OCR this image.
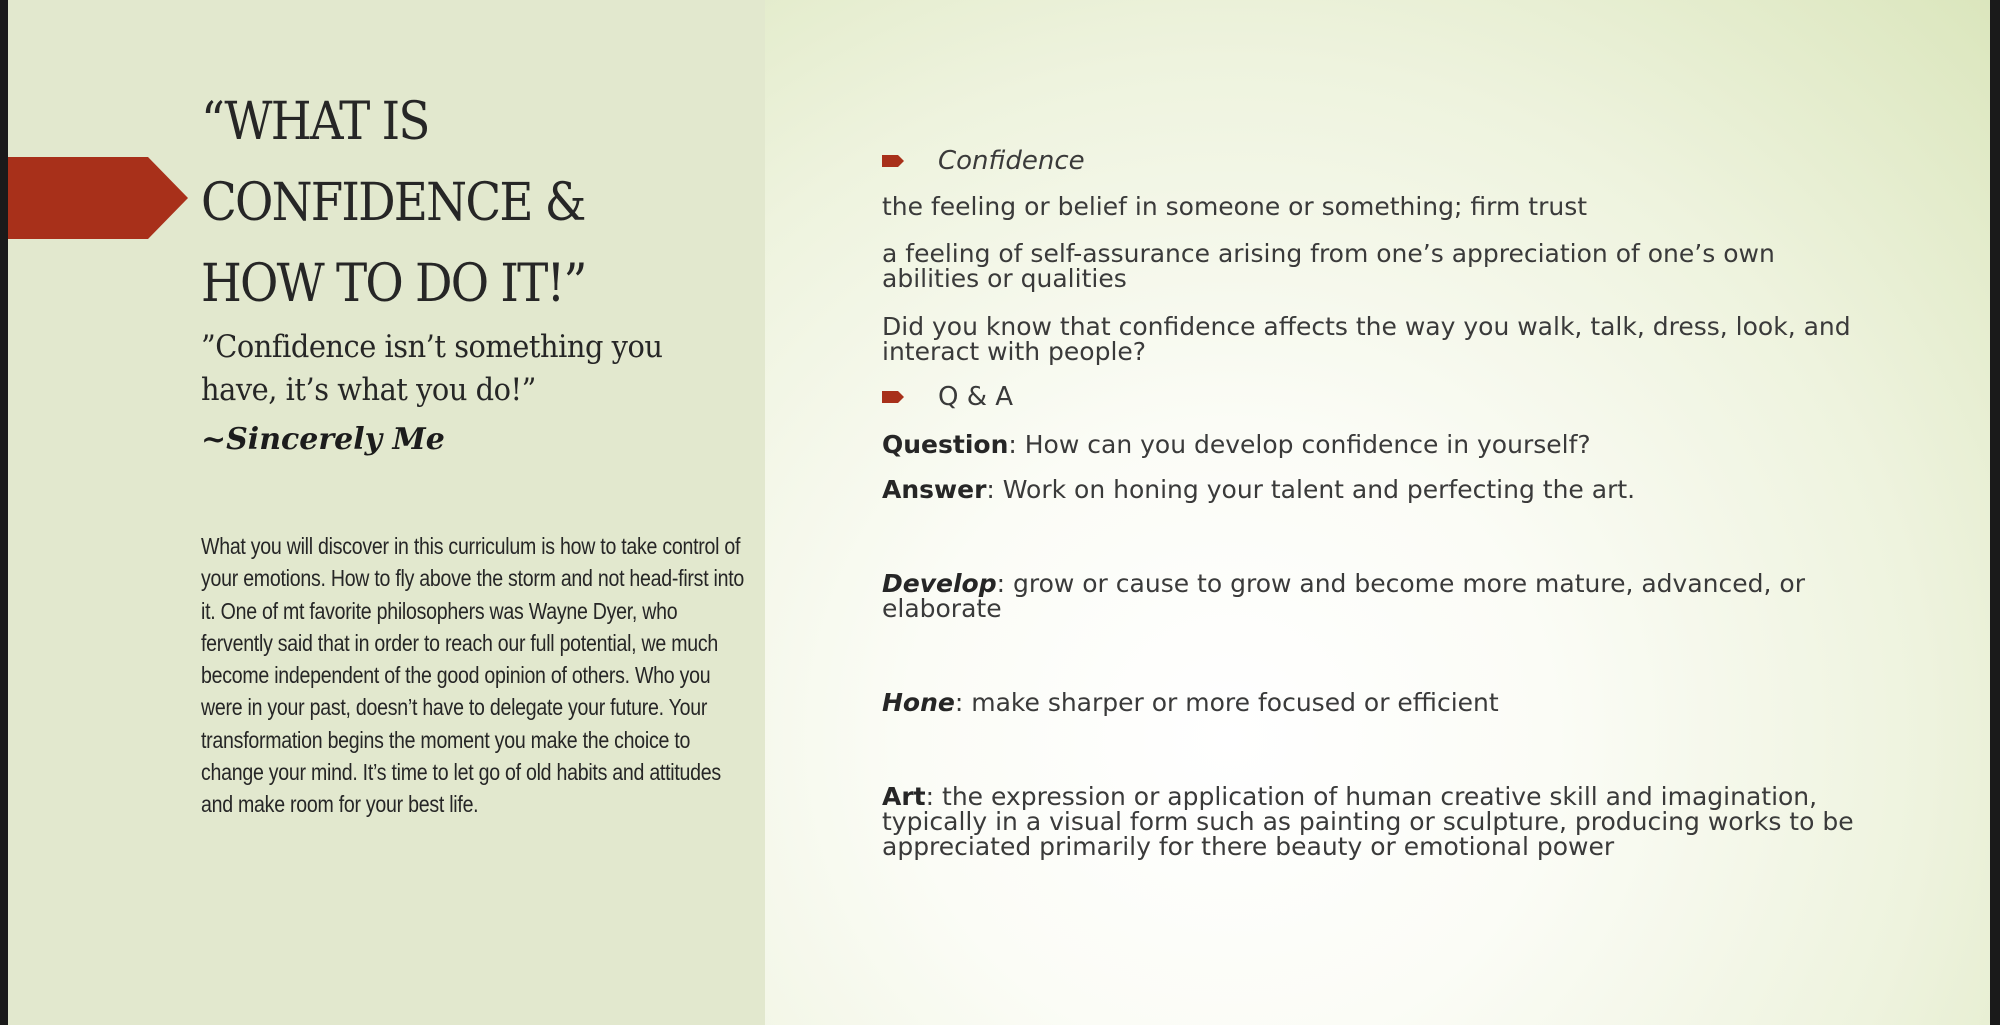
“WHAT IS
CONFIDENCE &
HOW TO DO IT!”
”Confidence isn’t something you
have, it’s what you do!”
~Sincerely Me
What you will discover in this curriculum is how to take control of your emotions. How to fly above the storm and not head-first into it. One of mt favorite philosophers was Wayne Dyer, who fervently said that in order to reach our full potential, we much become independent of the good opinion of others. Who you were in your past, doesn’t have to delegate your future. Your transformation begins the moment you make the choice to change your mind. It’s time to let go of old habits and attitudes and make room for your best life.
Confidence
the feeling or belief in someone or something; firm trust
a feeling of self-assurance arising from one’s appreciation of one’s own abilities or qualities
Did you know that confidence affects the way you walk, talk, dress, look, and interact with people?
Q & A
Question: How can you develop confidence in yourself?
Answer: Work on honing your talent and perfecting the art.
Develop: grow or cause to grow and become more mature, advanced, or elaborate
Hone: make sharper or more focused or efficient
Art: the expression or application of human creative skill and imagination, typically in a visual form such as painting or sculpture, producing works to be appreciated primarily for there beauty or emotional power
